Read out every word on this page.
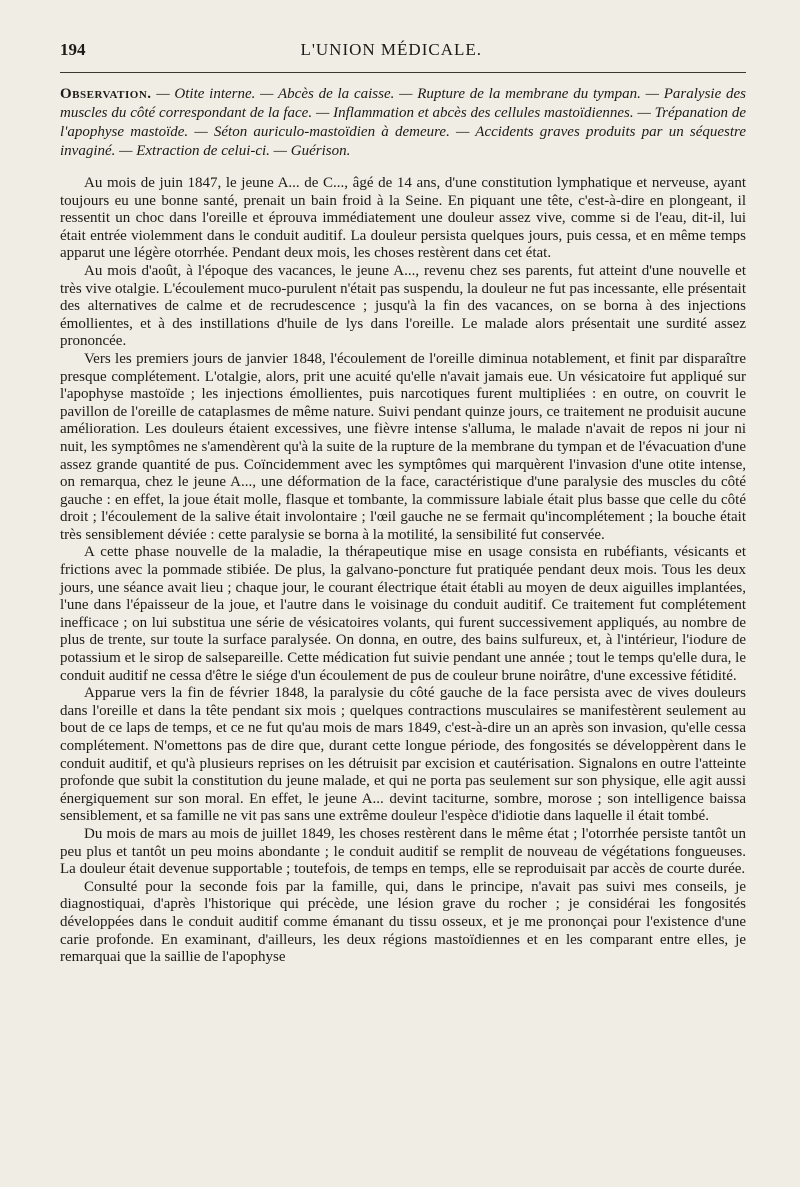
194	L'UNION MÉDICALE.

Observation. — Otite interne. — Abcès de la caisse. — Rupture de la membrane du tympan. — Paralysie des muscles du côté correspondant de la face. — Inflammation et abcès des cellules mastoïdiennes. — Trépanation de l'apophyse mastoïde. — Séton auriculo-mastoïdien à demeure. — Accidents graves produits par un séquestre invaginé. — Extraction de celui-ci. — Guérison.

Au mois de juin 1847, le jeune A... de C..., âgé de 14 ans, d'une constitution lymphatique et nerveuse, ayant toujours eu une bonne santé, prenait un bain froid à la Seine. En piquant une tête, c'est-à-dire en plongeant, il ressentit un choc dans l'oreille et éprouva immédiatement une douleur assez vive, comme si de l'eau, dit-il, lui était entrée violemment dans le conduit auditif. La douleur persista quelques jours, puis cessa, et en même temps apparut une légère otorrhée. Pendant deux mois, les choses restèrent dans cet état.

Au mois d'août, à l'époque des vacances, le jeune A..., revenu chez ses parents, fut atteint d'une nouvelle et très vive otalgie. L'écoulement muco-purulent n'était pas suspendu, la douleur ne fut pas incessante, elle présentait des alternatives de calme et de recrudescence ; jusqu'à la fin des vacances, on se borna à des injections émollientes, et à des instillations d'huile de lys dans l'oreille. Le malade alors présentait une surdité assez prononcée.

Vers les premiers jours de janvier 1848, l'écoulement de l'oreille diminua notablement, et finit par disparaître presque complétement. L'otalgie, alors, prit une acuité qu'elle n'avait jamais eue. Un vésicatoire fut appliqué sur l'apophyse mastoïde ; les injections émollientes, puis narcotiques furent multipliées : en outre, on couvrit le pavillon de l'oreille de cataplasmes de même nature. Suivi pendant quinze jours, ce traitement ne produisit aucune amélioration. Les douleurs étaient excessives, une fièvre intense s'alluma, le malade n'avait de repos ni jour ni nuit, les symptômes ne s'amendèrent qu'à la suite de la rupture de la membrane du tympan et de l'évacuation d'une assez grande quantité de pus. Coïncidemment avec les symptômes qui marquèrent l'invasion d'une otite intense, on remarqua, chez le jeune A..., une déformation de la face, caractéristique d'une paralysie des muscles du côté gauche : en effet, la joue était molle, flasque et tombante, la commissure labiale était plus basse que celle du côté droit ; l'écoulement de la salive était involontaire ; l'œil gauche ne se fermait qu'incomplétement ; la bouche était très sensiblement déviée : cette paralysie se borna à la motilité, la sensibilité fut conservée.

A cette phase nouvelle de la maladie, la thérapeutique mise en usage consista en rubéfiants, vésicants et frictions avec la pommade stibiée. De plus, la galvano-poncture fut pratiquée pendant deux mois. Tous les deux jours, une séance avait lieu ; chaque jour, le courant électrique était établi au moyen de deux aiguilles implantées, l'une dans l'épaisseur de la joue, et l'autre dans le voisinage du conduit auditif. Ce traitement fut complétement inefficace ; on lui substitua une série de vésicatoires volants, qui furent successivement appliqués, au nombre de plus de trente, sur toute la surface paralysée. On donna, en outre, des bains sulfureux, et, à l'intérieur, l'iodure de potassium et le sirop de salsepareille. Cette médication fut suivie pendant une année ; tout le temps qu'elle dura, le conduit auditif ne cessa d'être le siége d'un écoulement de pus de couleur brune noirâtre, d'une excessive fétidité.

Apparue vers la fin de février 1848, la paralysie du côté gauche de la face persista avec de vives douleurs dans l'oreille et dans la tête pendant six mois ; quelques contractions musculaires se manifestèrent seulement au bout de ce laps de temps, et ce ne fut qu'au mois de mars 1849, c'est-à-dire un an après son invasion, qu'elle cessa complétement. N'omettons pas de dire que, durant cette longue période, des fongosités se développèrent dans le conduit auditif, et qu'à plusieurs reprises on les détruisit par excision et cautérisation. Signalons en outre l'atteinte profonde que subit la constitution du jeune malade, et qui ne porta pas seulement sur son physique, elle agit aussi énergiquement sur son moral. En effet, le jeune A... devint taciturne, sombre, morose ; son intelligence baissa sensiblement, et sa famille ne vit pas sans une extrême douleur l'espèce d'idiotie dans laquelle il était tombé.

Du mois de mars au mois de juillet 1849, les choses restèrent dans le même état ; l'otorrhée persiste tantôt un peu plus et tantôt un peu moins abondante ; le conduit auditif se remplit de nouveau de végétations fongueuses. La douleur était devenue supportable ; toutefois, de temps en temps, elle se reproduisait par accès de courte durée.

Consulté pour la seconde fois par la famille, qui, dans le principe, n'avait pas suivi mes conseils, je diagnostiquai, d'après l'historique qui précède, une lésion grave du rocher ; je considérai les fongosités développées dans le conduit auditif comme émanant du tissu osseux, et je me prononçai pour l'existence d'une carie profonde. En examinant, d'ailleurs, les deux régions mastoïdiennes et en les comparant entre elles, je remarquai que la saillie de l'apophyse
